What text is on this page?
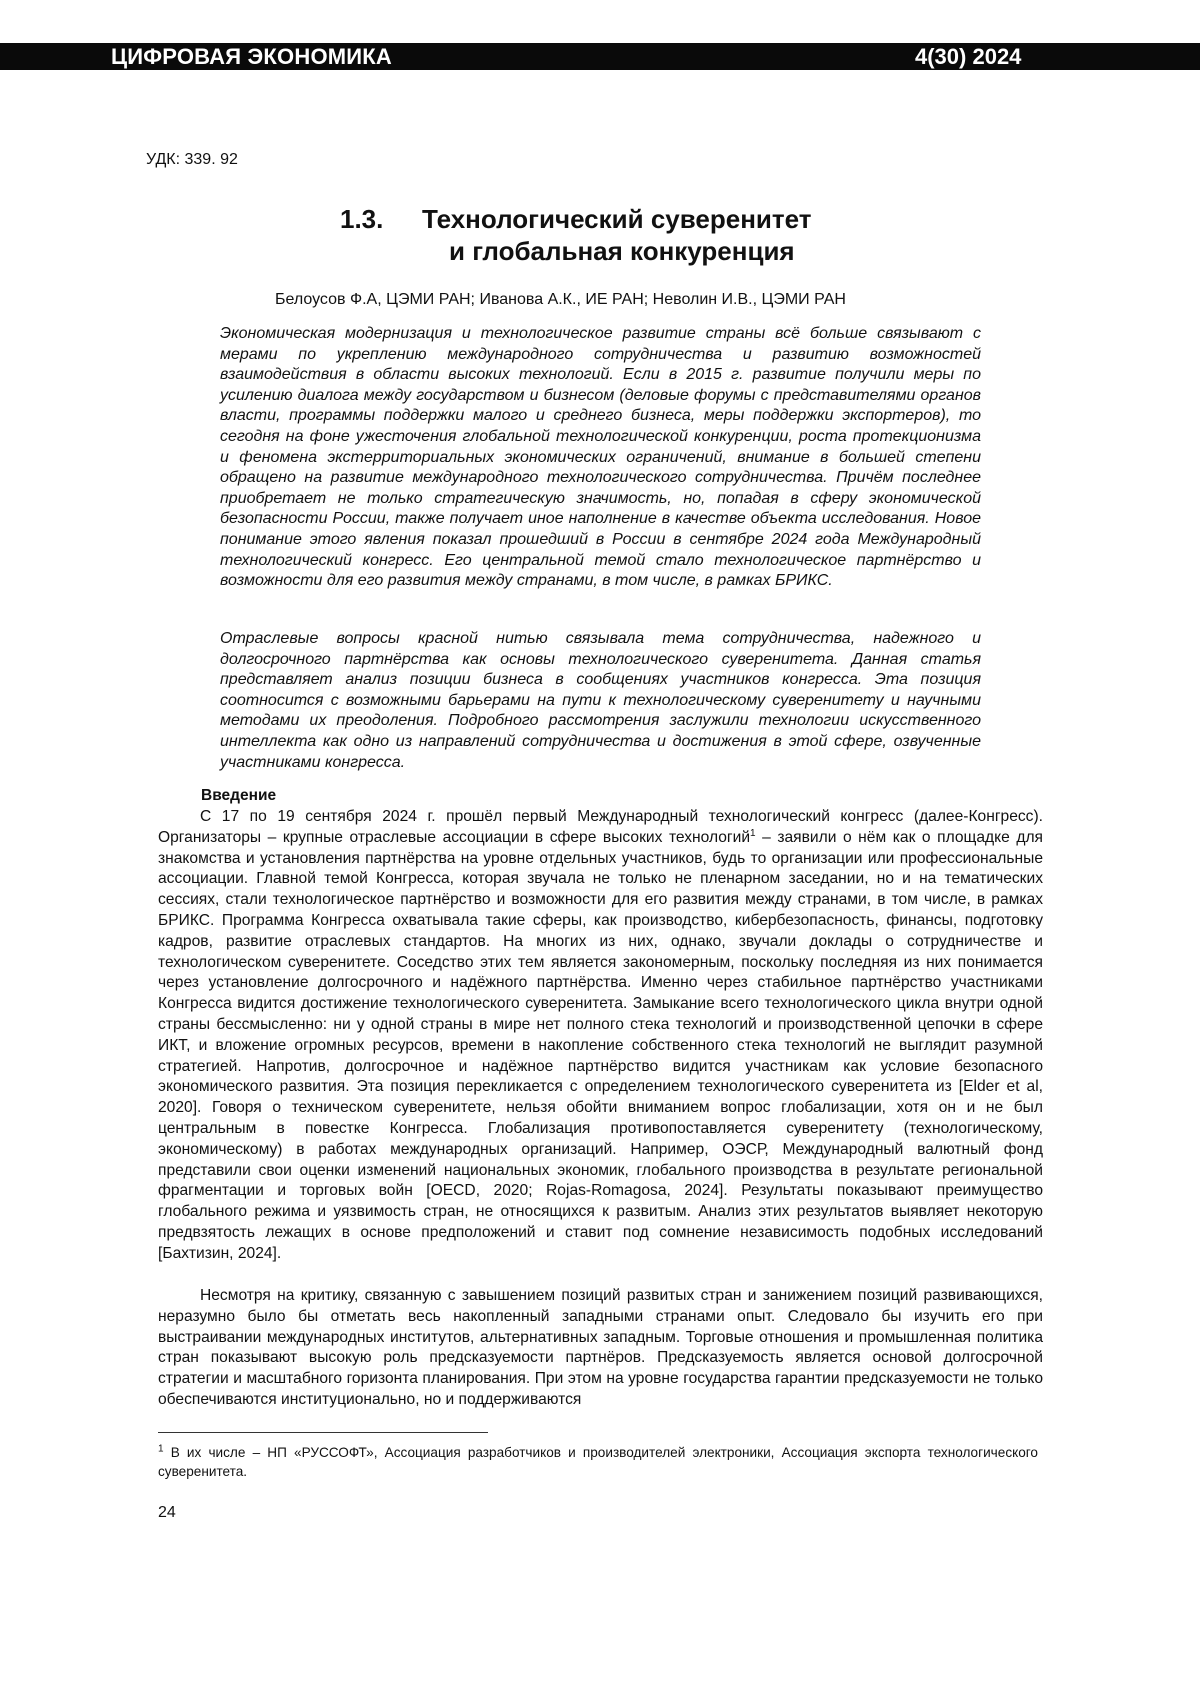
ЦИФРОВАЯ ЭКОНОМИКА	4(30) 2024
УДК: 339. 92
1.3. Технологический суверенитет
и глобальная конкуренция
Белоусов Ф.А, ЦЭМИ РАН; Иванова А.К., ИЕ РАН; Неволин И.В., ЦЭМИ РАН

Экономическая модернизация и технологическое развитие страны всё больше связывают с мерами по укреплению международного сотрудничества и развитию возможностей взаимодействия в области высоких технологий. Если в 2015 г. развитие получили меры по усилению диалога между государством и бизнесом (деловые форумы с представителями органов власти, программы поддержки малого и среднего бизнеса, меры поддержки экспортеров), то сегодня на фоне ужесточения глобальной технологической конкуренции, роста протекционизма и феномена экстерриториальных экономических ограничений, внимание в большей степени обращено на развитие международного технологического сотрудничества. Причём последнее приобретает не только стратегическую значимость, но, попадая в сферу экономической безопасности России, также получает иное наполнение в качестве объекта исследования. Новое понимание этого явления показал прошедший в России в сентябре 2024 года Международный технологический конгресс. Его центральной темой стало технологическое партнёрство и возможности для его развития между странами, в том числе, в рамках БРИКС.

Отраслевые вопросы красной нитью связывала тема сотрудничества, надежного и долгосрочного партнёрства как основы технологического суверенитета. Данная статья представляет анализ позиции бизнеса в сообщениях участников конгресса. Эта позиция соотносится с возможными барьерами на пути к технологическому суверенитету и научными методами их преодоления. Подробного рассмотрения заслужили технологии искусственного интеллекта как одно из направлений сотрудничества и достижения в этой сфере, озвученные участниками конгресса.

Введение

С 17 по 19 сентября 2024 г. прошёл первый Международный технологический конгресс (далее-Конгресс). Организаторы – крупные отраслевые ассоциации в сфере высоких технологий$^1$ – заявили о нём как о площадке для знакомства и установления партнёрства на уровне отдельных участников, будь то организации или профессиональные ассоциации. Главной темой Конгресса, которая звучала не только не пленарном заседании, но и на тематических сессиях, стали технологическое партнёрство и возможности для его развития между странами, в том числе, в рамках БРИКС. Программа Конгресса охватывала такие сферы, как производство, кибербезопасность, финансы, подготовку кадров, развитие отраслевых стандартов. На многих из них, однако, звучали доклады о сотрудничестве и технологическом суверенитете. Соседство этих тем является закономерным, поскольку последняя из них понимается через установление долгосрочного и надёжного партнёрства. Именно через стабильное партнёрство участниками Конгресса видится достижение технологического суверенитета. Замыкание всего технологического цикла внутри одной страны бессмысленно: ни у одной страны в мире нет полного стека технологий и производственной цепочки в сфере ИКТ, и вложение огромных ресурсов, времени в накопление собственного стека технологий не выглядит разумной стратегией. Напротив, долгосрочное и надёжное партнёрство видится участникам как условие безопасного экономического развития. Эта позиция перекликается с определением технологического суверенитета из [Elder et al, 2020]. Говоря о техническом суверенитете, нельзя обойти вниманием вопрос глобализации, хотя он и не был центральным в повестке Конгресса. Глобализация противопоставляется суверенитету (технологическому, экономическому) в работах международных организаций. Например, ОЭСР, Международный валютный фонд представили свои оценки изменений национальных экономик, глобального производства в результате региональной фрагментации и торговых войн [OECD, 2020; Rojas-Romagosa, 2024]. Результаты показывают преимущество глобального режима и уязвимость стран, не относящихся к развитым. Анализ этих результатов выявляет некоторую предвзятость лежащих в основе предположений и ставит под сомнение независимость подобных исследований [Бахтизин, 2024].

Несмотря на критику, связанную с завышением позиций развитых стран и занижением позиций развивающихся, неразумно было бы отметать весь накопленный западными странами опыт. Следовало бы изучить его при выстраивании международных институтов, альтернативных западным. Торговые отношения и промышленная политика стран показывают высокую роль предсказуемости партнёров. Предсказуемость является основой долгосрочной стратегии и масштабного горизонта планирования. При этом на уровне государства гарантии предсказуемости не только обеспечиваются институционально, но и поддерживаются

$^1$ В их числе – НП «РУССОФТ», Ассоциация разработчиков и производителей электроники, Ассоциация экспорта технологического суверенитета.
24
